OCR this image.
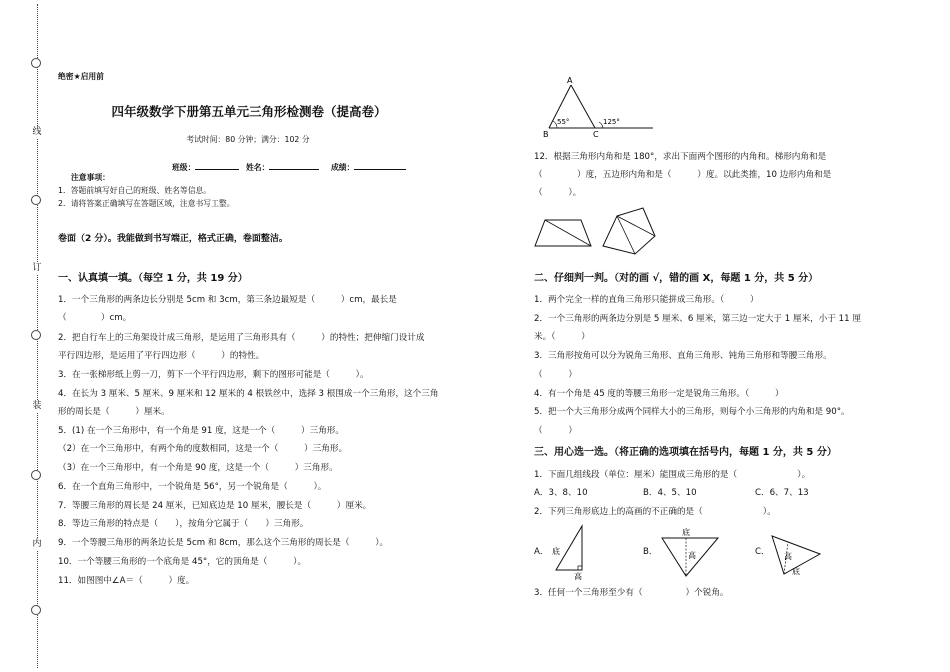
线
订
装
内
绝密★启用前
四年级数学下册第五单元三角形检测卷（提高卷）
考试时间：80 分钟；满分：102 分
班级：	姓名：	成绩：
注意事项：
1．答题前填写好自己的班级、姓名等信息。
2．请将答案正确填写在答题区域，注意书写工整。
卷面（2 分）。我能做到书写端正，格式正确，卷面整洁。
一、认真填一填。（每空 1 分，共 19 分）
1．一个三角形的两条边长分别是 5cm 和 3cm，第三条边最短是（　　　）cm，最长是
（　　　　）cm。
2．把自行车上的三角架设计成三角形，是运用了三角形具有（　　　）的特性；把伸缩门设计成
平行四边形，是运用了平行四边形（　　　）的特性。
3．在一张梯形纸上剪一刀，剪下一个平行四边形，剩下的图形可能是（　　　）。
4．在长为 3 厘米、5 厘米、9 厘米和 12 厘米的 4 根铁丝中，选择 3 根围成一个三角形，这个三角
形的周长是（　　　）厘米。
5．(1) 在一个三角形中，有一个角是 91 度，这是一个（　　　）三角形。
（2）在一个三角形中，有两个角的度数相同，这是一个（　　　）三角形。
（3）在一个三角形中，有一个角是 90 度，这是一个（　　　）三角形。
6．在一个直角三角形中，一个锐角是 56°，另一个锐角是（　　　）。
7．等腰三角形的周长是 24 厘米，已知底边是 10 厘米，腰长是（　　　）厘米。
8．等边三角形的特点是（　　），按角分它属于（　　）三角形。
9．一个等腰三角形的两条边长是 5cm 和 8cm，那么这个三角形的周长是（　　　）。
10．一个等腰三角形的一个底角是 45°，它的顶角是（　　　）。
11．如图图中∠A＝（　　　）度。
A
B	C
55°	125°
12．根据三角形内角和是 180°，求出下面两个图形的内角和。梯形内角和是
（　　　　）度，五边形内角和是（　　　）度。以此类推，10 边形内角和是
（　　　）。
二、仔细判一判。（对的画 √，错的画 X，每题 1 分，共 5 分）
1．两个完全一样的直角三角形只能拼成三角形。（　　　）
2．一个三角形的两条边分别是 5 厘米、6 厘米，第三边一定大于 1 厘米，小于 11 厘
米。（　　　）
3．三角形按角可以分为锐角三角形、直角三角形、钝角三角形和等腰三角形。
（　　　）
4．有一个角是 45 度的等腰三角形一定是锐角三角形。（　　　）
5．把一个大三角形分成两个同样大小的三角形，则每个小三角形的内角和是 90°。
（　　　）
三、用心选一选。（将正确的选项填在括号内，每题 1 分，共 5 分）
1．下面几组线段（单位：厘米）能围成三角形的是（　　　　　　　）。
A．3、8、10	B．4、5、10	C．6、7、13
2．下列三角形底边上的高画的不正确的是（　　　　　　　）。
A． 底
高
B．
底
高	C． 高
底
3．任何一个三角形至少有（　　　　　）个锐角。
